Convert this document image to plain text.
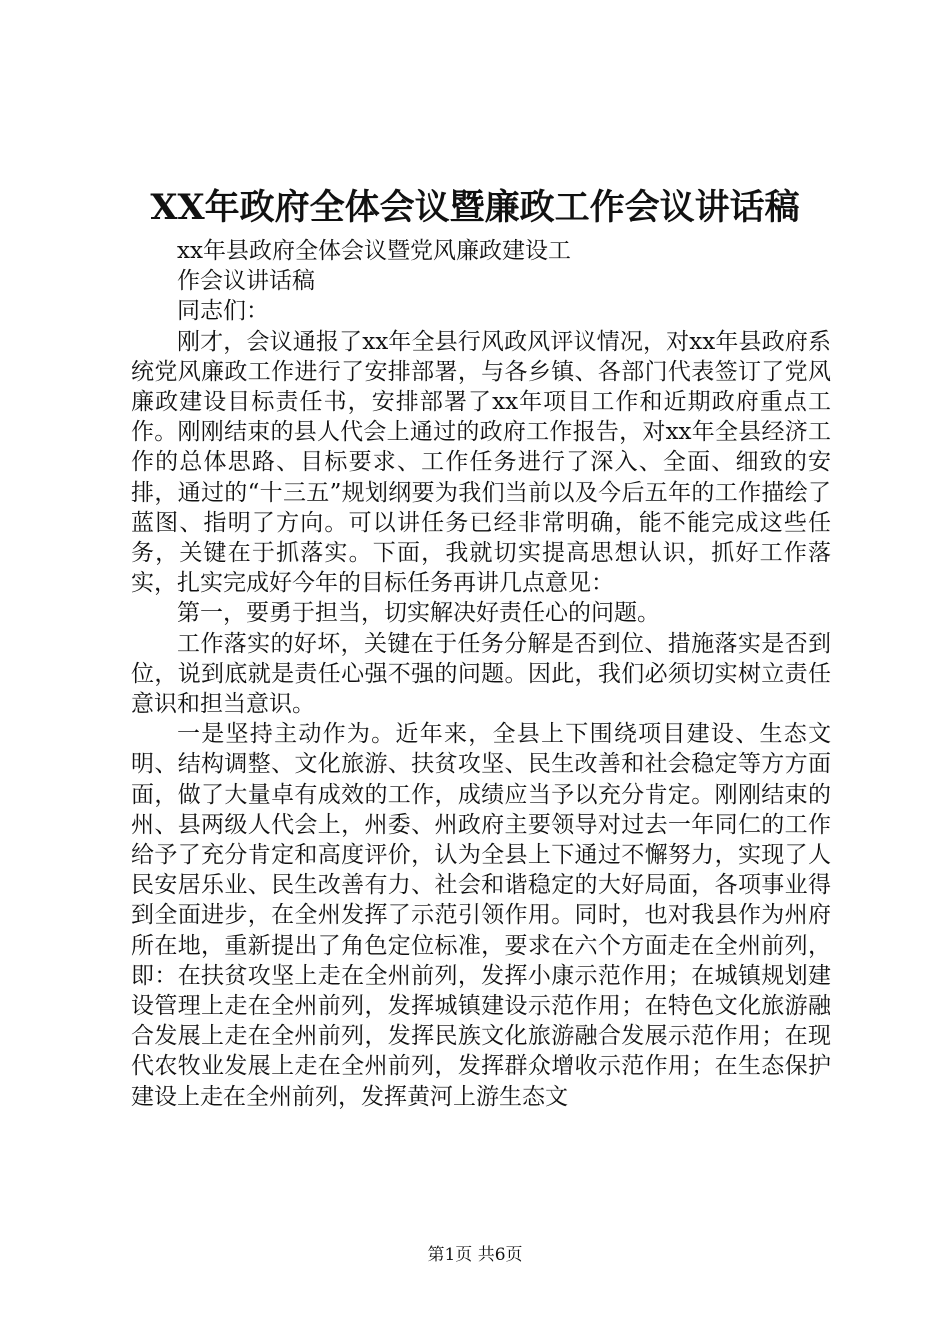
XX年政府全体会议暨廉政工作会议讲话稿

xx年县政府全体会议暨党风廉政建设工

作会议讲话稿

同志们：

刚才，会议通报了xx年全县行风政风评议情况，对xx年县政府系统党风廉政工作进行了安排部署，与各乡镇、各部门代表签订了党风廉政建设目标责任书，安排部署了xx年项目工作和近期政府重点工作。刚刚结束的县人代会上通过的政府工作报告，对xx年全县经济工作的总体思路、目标要求、工作任务进行了深入、全面、细致的安排，通过的“十三五”规划纲要为我们当前以及今后五年的工作描绘了蓝图、指明了方向。可以讲任务已经非常明确，能不能完成这些任务，关键在于抓落实。下面，我就切实提高思想认识，抓好工作落实，扎实完成好今年的目标任务再讲几点意见：

第一，要勇于担当，切实解决好责任心的问题。

工作落实的好坏，关键在于任务分解是否到位、措施落实是否到位，说到底就是责任心强不强的问题。因此，我们必须切实树立责任意识和担当意识。

一是坚持主动作为。近年来，全县上下围绕项目建设、生态文明、结构调整、文化旅游、扶贫攻坚、民生改善和社会稳定等方方面面，做了大量卓有成效的工作，成绩应当予以充分肯定。刚刚结束的州、县两级人代会上，州委、州政府主要领导对过去一年同仁的工作给予了充分肯定和高度评价，认为全县上下通过不懈努力，实现了人民安居乐业、民生改善有力、社会和谐稳定的大好局面，各项事业得到全面进步，在全州发挥了示范引领作用。同时，也对我县作为州府所在地，重新提出了角色定位标准，要求在六个方面走在全州前列，即：在扶贫攻坚上走在全州前列，发挥小康示范作用；在城镇规划建设管理上走在全州前列，发挥城镇建设示范作用；在特色文化旅游融合发展上走在全州前列，发挥民族文化旅游融合发展示范作用；在现代农牧业发展上走在全州前列，发挥群众增收示范作用；在生态保护建设上走在全州前列，发挥黄河上游生态文

第1页 共6页
